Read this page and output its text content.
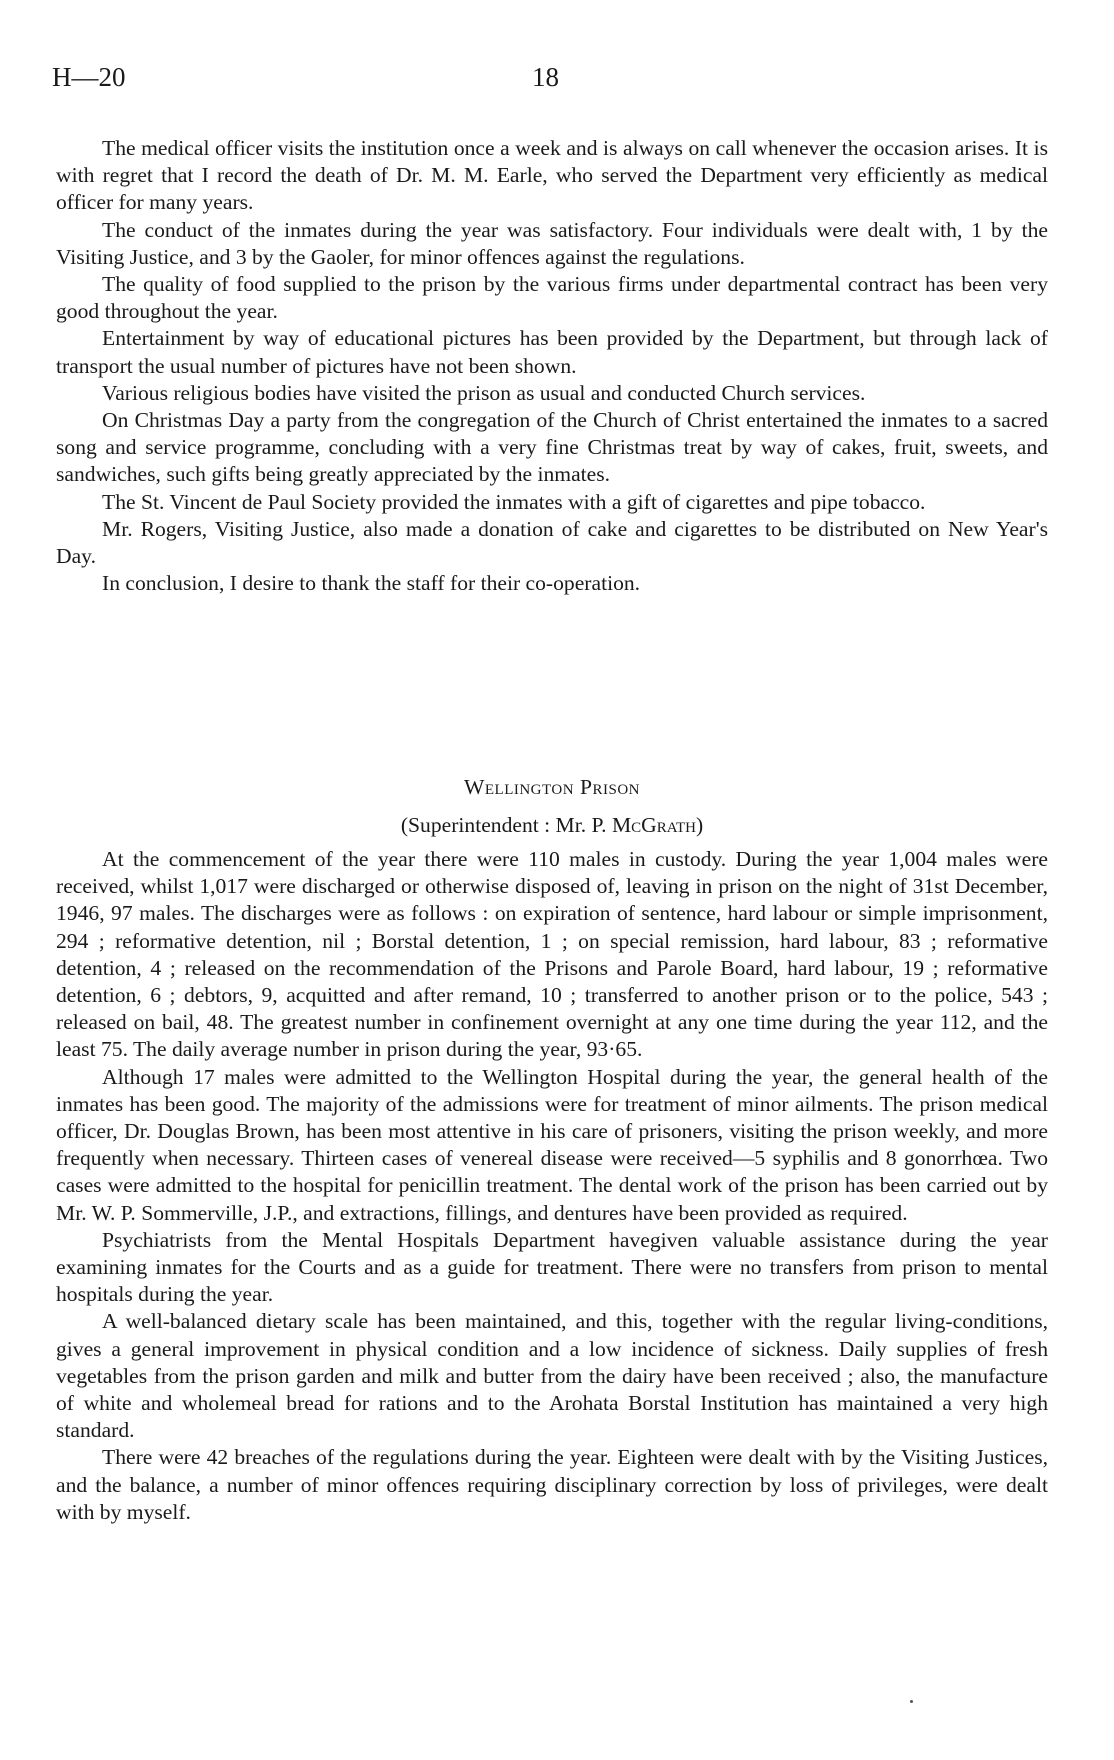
H—20	18

The medical officer visits the institution once a week and is always on call whenever the occasion arises. It is with regret that I record the death of Dr. M. M. Earle, who served the Department very efficiently as medical officer for many years.

The conduct of the inmates during the year was satisfactory. Four individuals were dealt with, 1 by the Visiting Justice, and 3 by the Gaoler, for minor offences against the regulations.

The quality of food supplied to the prison by the various firms under departmental contract has been very good throughout the year.

Entertainment by way of educational pictures has been provided by the Department, but through lack of transport the usual number of pictures have not been shown.

Various religious bodies have visited the prison as usual and conducted Church services.

On Christmas Day a party from the congregation of the Church of Christ entertained the inmates to a sacred song and service programme, concluding with a very fine Christmas treat by way of cakes, fruit, sweets, and sandwiches, such gifts being greatly appreciated by the inmates.

The St. Vincent de Paul Society provided the inmates with a gift of cigarettes and pipe tobacco.

Mr. Rogers, Visiting Justice, also made a donation of cake and cigarettes to be distributed on New Year's Day.

In conclusion, I desire to thank the staff for their co-operation.

Wellington Prison
(Superintendent : Mr. P. McGrath)

At the commencement of the year there were 110 males in custody. During the year 1,004 males were received, whilst 1,017 were discharged or otherwise disposed of, leaving in prison on the night of 31st December, 1946, 97 males. The discharges were as follows : on expiration of sentence, hard labour or simple imprisonment, 294 ; reformative detention, nil ; Borstal detention, 1 ; on special remission, hard labour, 83 ; reformative detention, 4 ; released on the recommendation of the Prisons and Parole Board, hard labour, 19 ; reformative detention, 6 ; debtors, 9, acquitted and after remand, 10 ; transferred to another prison or to the police, 543 ; released on bail, 48. The greatest number in confinement overnight at any one time during the year 112, and the least 75. The daily average number in prison during the year, 93·65.

Although 17 males were admitted to the Wellington Hospital during the year, the general health of the inmates has been good. The majority of the admissions were for treatment of minor ailments. The prison medical officer, Dr. Douglas Brown, has been most attentive in his care of prisoners, visiting the prison weekly, and more frequently when necessary. Thirteen cases of venereal disease were received—5 syphilis and 8 gonorrhœa. Two cases were admitted to the hospital for penicillin treatment. The dental work of the prison has been carried out by Mr. W. P. Sommerville, J.P., and extractions, fillings, and dentures have been provided as required.

Psychiatrists from the Mental Hospitals Department havegiven valuable assistance during the year examining inmates for the Courts and as a guide for treatment. There were no transfers from prison to mental hospitals during the year.

A well-balanced dietary scale has been maintained, and this, together with the regular living-conditions, gives a general improvement in physical condition and a low incidence of sickness. Daily supplies of fresh vegetables from the prison garden and milk and butter from the dairy have been received ; also, the manufacture of white and wholemeal bread for rations and to the Arohata Borstal Institution has maintained a very high standard.

There were 42 breaches of the regulations during the year. Eighteen were dealt with by the Visiting Justices, and the balance, a number of minor offences requiring disciplinary correction by loss of privileges, were dealt with by myself.
